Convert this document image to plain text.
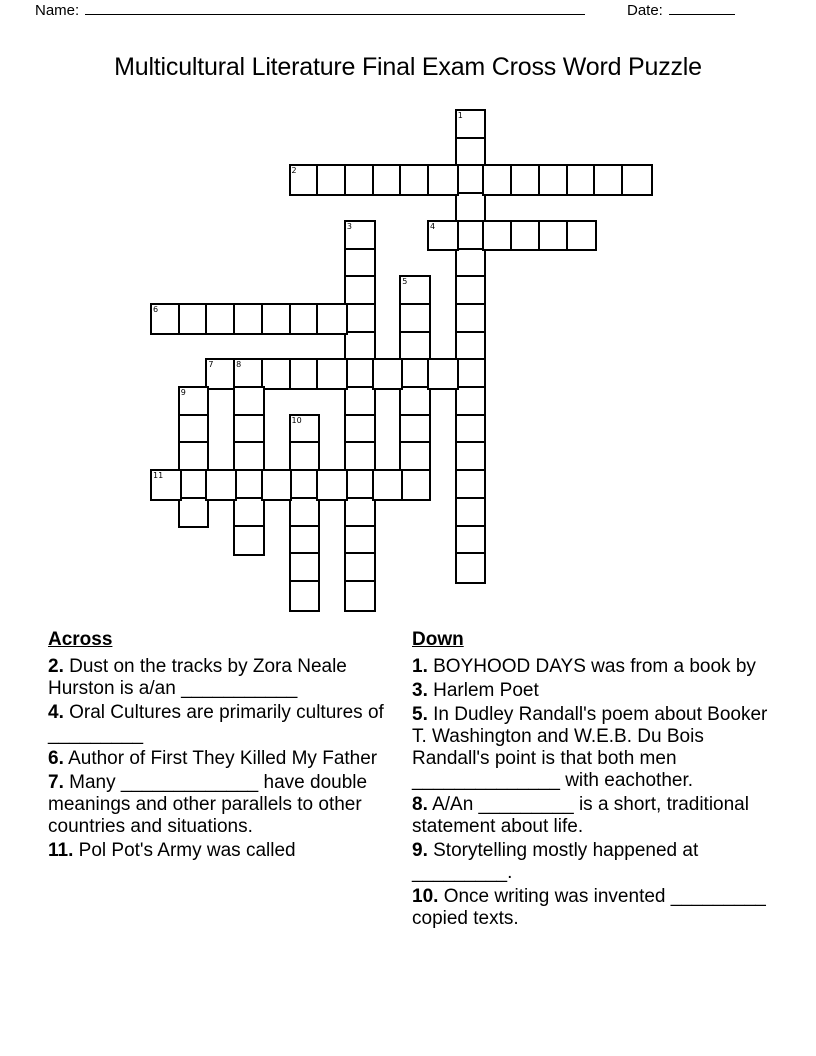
Name:	Date:
Multicultural Literature Final Exam Cross Word Puzzle
1
2
3	4
5
6
7	8
9
10
11
Across
2. Dust on the tracks by Zora Neale Hurston is a/an ___________
4. Oral Cultures are primarily cultures of _________
6. Author of First They Killed My Father
7. Many _____________ have double meanings and other parallels to other countries and situations.
11. Pol Pot's Army was called
Down
1. BOYHOOD DAYS was from a book by
3. Harlem Poet
5. In Dudley Randall's poem about Booker T. Washington and W.E.B. Du Bois Randall's point is that both men ______________ with eachother.
8. A/An _________ is a short, traditional statement about life.
9. Storytelling mostly happened at _________.
10. Once writing was invented _________ copied texts.
